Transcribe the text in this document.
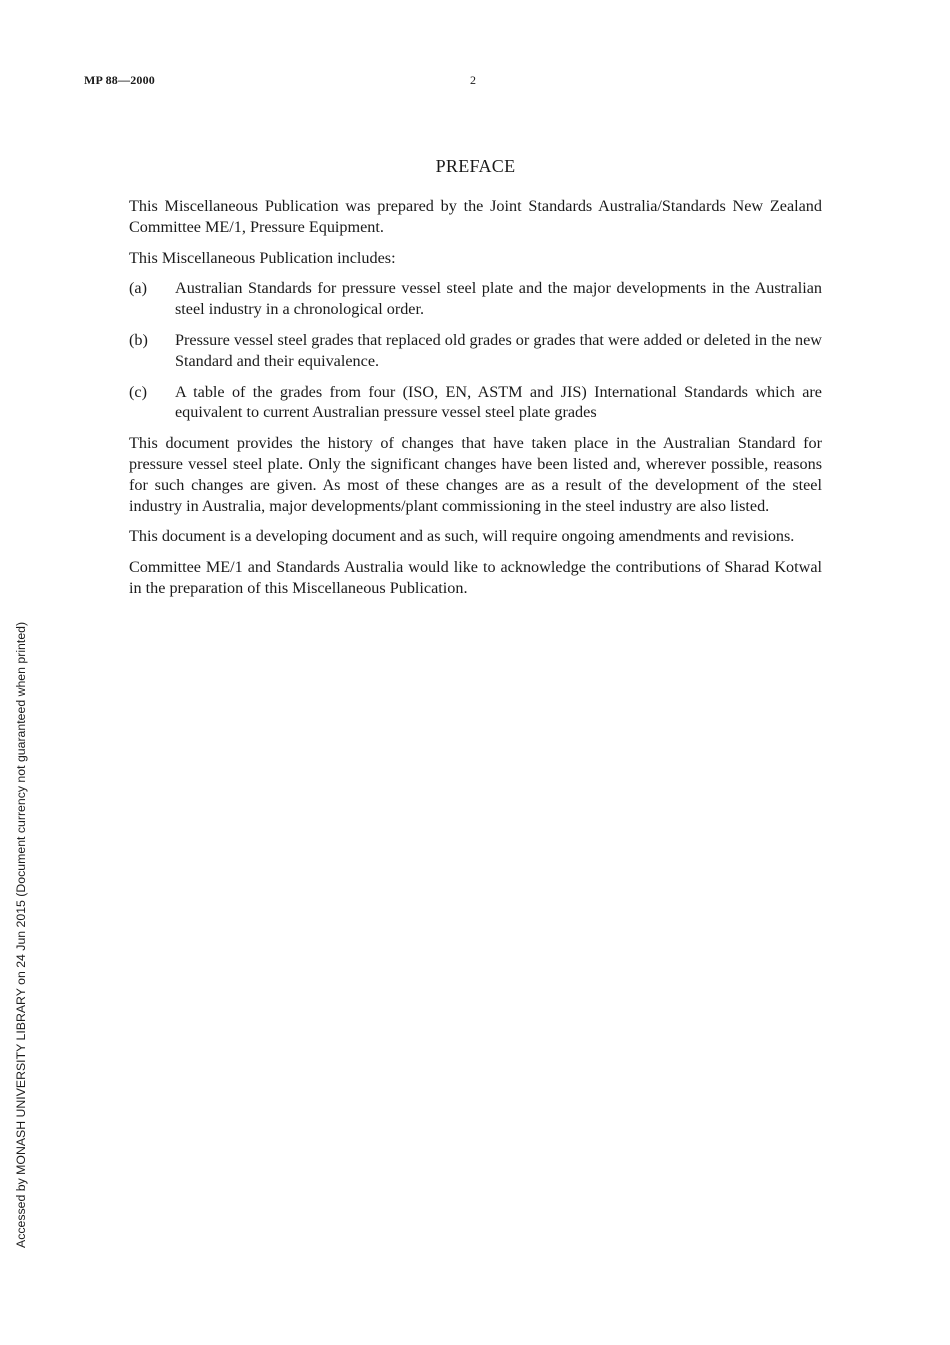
MP 88—2000	2
PREFACE

This Miscellaneous Publication was prepared by the Joint Standards Australia/Standards New Zealand Committee ME/1, Pressure Equipment.

This Miscellaneous Publication includes:

(a)	Australian Standards for pressure vessel steel plate and the major developments in the Australian steel industry in a chronological order.
(b)	Pressure vessel steel grades that replaced old grades or grades that were added or deleted in the new Standard and their equivalence.
(c)	A table of the grades from four (ISO, EN, ASTM and JIS) International Standards which are equivalent to current Australian pressure vessel steel plate grades

This document provides the history of changes that have taken place in the Australian Standard for pressure vessel steel plate. Only the significant changes have been listed and, wherever possible, reasons for such changes are given. As most of these changes are as a result of the development of the steel industry in Australia, major developments/plant commissioning in the steel industry are also listed.

This document is a developing document and as such, will require ongoing amendments and revisions.

Committee ME/1 and Standards Australia would like to acknowledge the contributions of Sharad Kotwal in the preparation of this Miscellaneous Publication.

Accessed by MONASH UNIVERSITY LIBRARY on 24 Jun 2015 (Document currency not guaranteed when printed)
